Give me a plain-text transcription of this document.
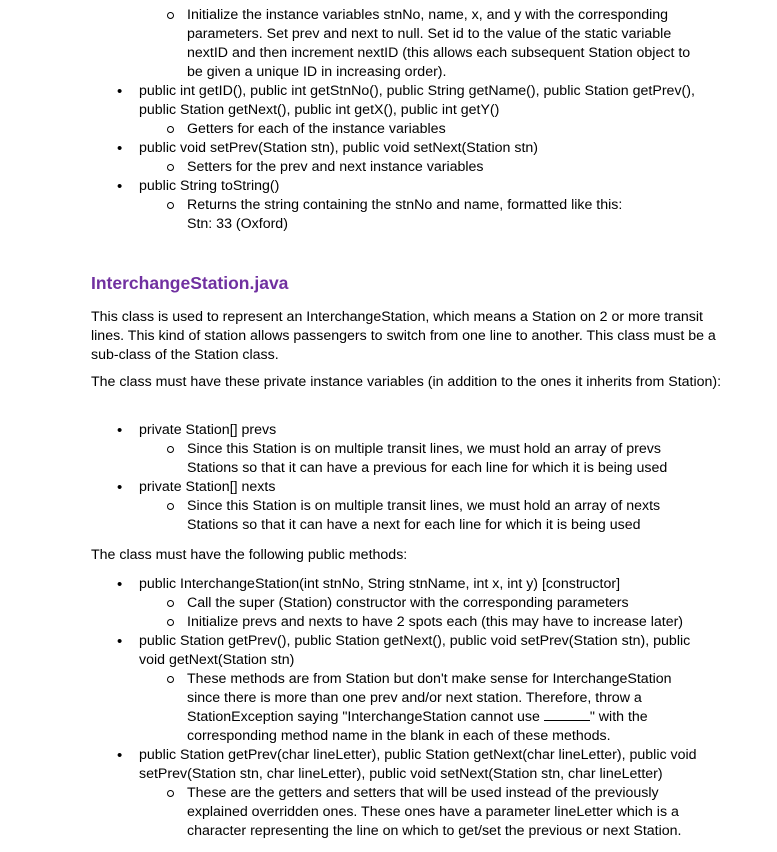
Initialize the instance variables stnNo, name, x, and y with the corresponding parameters. Set prev and next to null. Set id to the value of the static variable nextID and then increment nextID (this allows each subsequent Station object to be given a unique ID in increasing order).
• public int getID(), public int getStnNo(), public String getName(), public Station getPrev(), public Station getNext(), public int getX(), public int getY()
Getters for each of the instance variables
• public void setPrev(Station stn), public void setNext(Station stn)
Setters for the prev and next instance variables
• public String toString()
Returns the string containing the stnNo and name, formatted like this:
Stn: 33 (Oxford)
InterchangeStation.java
This class is used to represent an InterchangeStation, which means a Station on 2 or more transit lines. This kind of station allows passengers to switch from one line to another. This class must be a sub-class of the Station class.
The class must have these private instance variables (in addition to the ones it inherits from Station):
• private Station[] prevs
Since this Station is on multiple transit lines, we must hold an array of prevs Stations so that it can have a previous for each line for which it is being used
• private Station[] nexts
Since this Station is on multiple transit lines, we must hold an array of nexts Stations so that it can have a next for each line for which it is being used
The class must have the following public methods:
• public InterchangeStation(int stnNo, String stnName, int x, int y) [constructor]
Call the super (Station) constructor with the corresponding parameters
Initialize prevs and nexts to have 2 spots each (this may have to increase later)
• public Station getPrev(), public Station getNext(), public void setPrev(Station stn), public void getNext(Station stn)
These methods are from Station but don't make sense for InterchangeStation since there is more than one prev and/or next station. Therefore, throw a StationException saying "InterchangeStation cannot use	" with the corresponding method name in the blank in each of these methods.
• public Station getPrev(char lineLetter), public Station getNext(char lineLetter), public void setPrev(Station stn, char lineLetter), public void setNext(Station stn, char lineLetter)
These are the getters and setters that will be used instead of the previously explained overridden ones. These ones have a parameter lineLetter which is a character representing the line on which to get/set the previous or next Station.
